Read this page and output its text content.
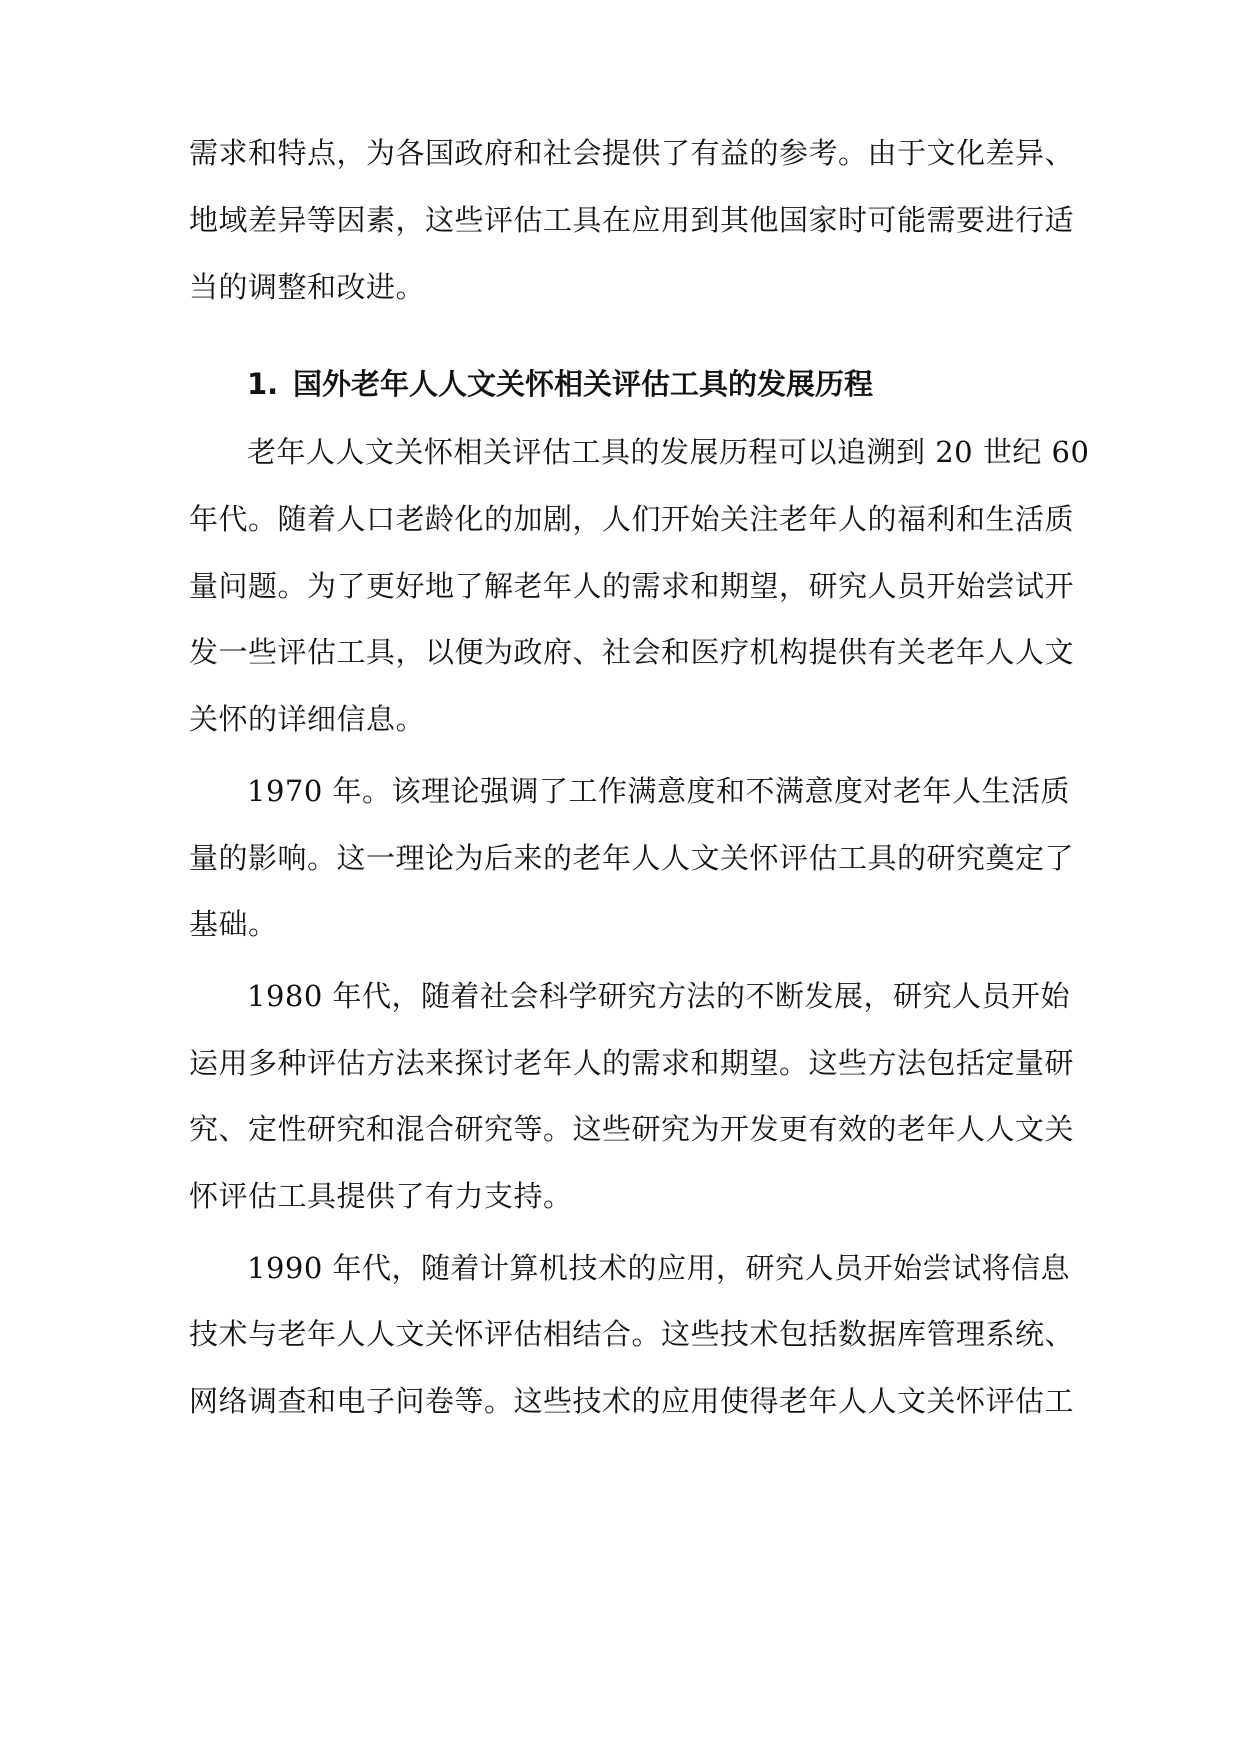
需求和特点，为各国政府和社会提供了有益的参考。由于文化差异、
地域差异等因素，这些评估工具在应用到其他国家时可能需要进行适
当的调整和改进。
1. 国外老年人人文关怀相关评估工具的发展历程
老年人人文关怀相关评估工具的发展历程可以追溯到 20 世纪 60
年代。随着人口老龄化的加剧，人们开始关注老年人的福利和生活质
量问题。为了更好地了解老年人的需求和期望，研究人员开始尝试开
发一些评估工具，以便为政府、社会和医疗机构提供有关老年人人文
关怀的详细信息。
1970 年。该理论强调了工作满意度和不满意度对老年人生活质
量的影响。这一理论为后来的老年人人文关怀评估工具的研究奠定了
基础。
1980 年代，随着社会科学研究方法的不断发展，研究人员开始
运用多种评估方法来探讨老年人的需求和期望。这些方法包括定量研
究、定性研究和混合研究等。这些研究为开发更有效的老年人人文关
怀评估工具提供了有力支持。
1990 年代，随着计算机技术的应用，研究人员开始尝试将信息
技术与老年人人文关怀评估相结合。这些技术包括数据库管理系统、
网络调查和电子问卷等。这些技术的应用使得老年人人文关怀评估工
